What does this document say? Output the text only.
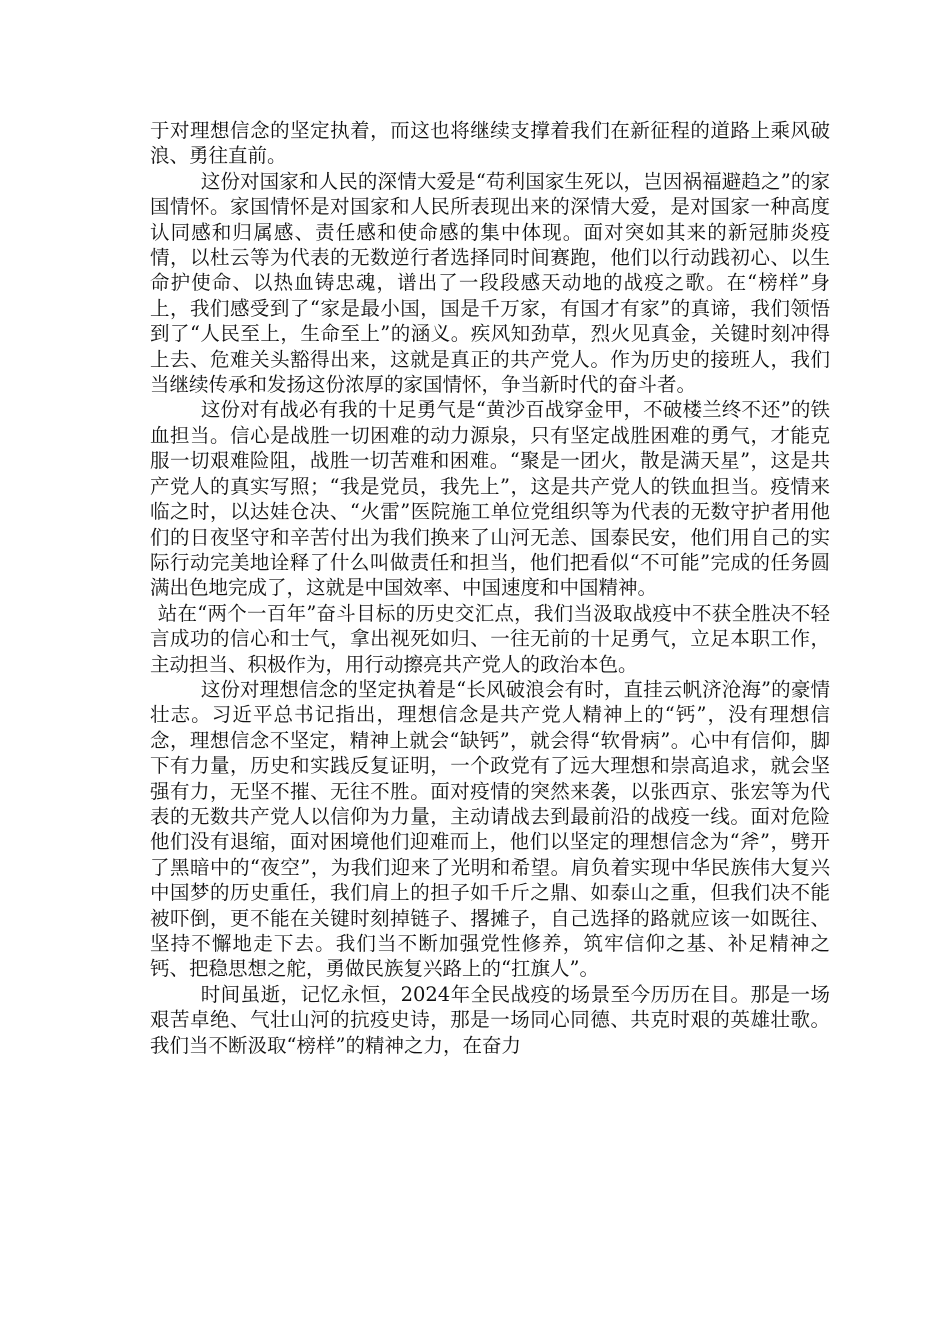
于对理想信念的坚定执着，而这也将继续支撑着我们在新征程的道路上乘风破浪、勇往直前。

这份对国家和人民的深情大爱是“苟利国家生死以，岂因祸福避趋之”的家国情怀。家国情怀是对国家和人民所表现出来的深情大爱，是对国家一种高度认同感和归属感、责任感和使命感的集中体现。面对突如其来的新冠肺炎疫情，以杜云等为代表的无数逆行者选择同时间赛跑，他们以行动践初心、以生命护使命、以热血铸忠魂，谱出了一段段感天动地的战疫之歌。在“榜样”身上，我们感受到了“家是最小国，国是千万家，有国才有家”的真谛，我们领悟到了“人民至上，生命至上”的涵义。疾风知劲草，烈火见真金，关键时刻冲得上去、危难关头豁得出来，这就是真正的共产党人。作为历史的接班人，我们当继续传承和发扬这份浓厚的家国情怀，争当新时代的奋斗者。

这份对有战必有我的十足勇气是“黄沙百战穿金甲，不破楼兰终不还”的铁血担当。信心是战胜一切困难的动力源泉，只有坚定战胜困难的勇气，才能克服一切艰难险阻，战胜一切苦难和困难。“聚是一团火，散是满天星”，这是共产党人的真实写照；“我是党员，我先上”，这是共产党人的铁血担当。疫情来临之时，以达娃仓决、“火雷”医院施工单位党组织等为代表的无数守护者用他们的日夜坚守和辛苦付出为我们换来了山河无恙、国泰民安，他们用自己的实际行动完美地诠释了什么叫做责任和担当，他们把看似“不可能”完成的任务圆满出色地完成了，这就是中国效率、中国速度和中国精神。

站在“两个一百年”奋斗目标的历史交汇点，我们当汲取战疫中不获全胜决不轻言成功的信心和士气，拿出视死如归、一往无前的十足勇气，立足本职工作，主动担当、积极作为，用行动擦亮共产党人的政治本色。

这份对理想信念的坚定执着是“长风破浪会有时，直挂云帆济沧海”的豪情壮志。习近平总书记指出，理想信念是共产党人精神上的“钙”，没有理想信念，理想信念不坚定，精神上就会“缺钙”，就会得“软骨病”。心中有信仰，脚下有力量，历史和实践反复证明，一个政党有了远大理想和崇高追求，就会坚强有力，无坚不摧、无往不胜。面对疫情的突然来袭，以张西京、张宏等为代表的无数共产党人以信仰为力量，主动请战去到最前沿的战疫一线。面对危险他们没有退缩，面对困境他们迎难而上，他们以坚定的理想信念为“斧”，劈开了黑暗中的“夜空”，为我们迎来了光明和希望。肩负着实现中华民族伟大复兴中国梦的历史重任，我们肩上的担子如千斤之鼎、如泰山之重，但我们决不能被吓倒，更不能在关键时刻掉链子、撂摊子，自己选择的路就应该一如既往、坚持不懈地走下去。我们当不断加强党性修养，筑牢信仰之基、补足精神之钙、把稳思想之舵，勇做民族复兴路上的“扛旗人”。

时间虽逝，记忆永恒，2024年全民战疫的场景至今历历在目。那是一场艰苦卓绝、气壮山河的抗疫史诗，那是一场同心同德、共克时艰的英雄壮歌。我们当不断汲取“榜样”的精神之力，在奋力
